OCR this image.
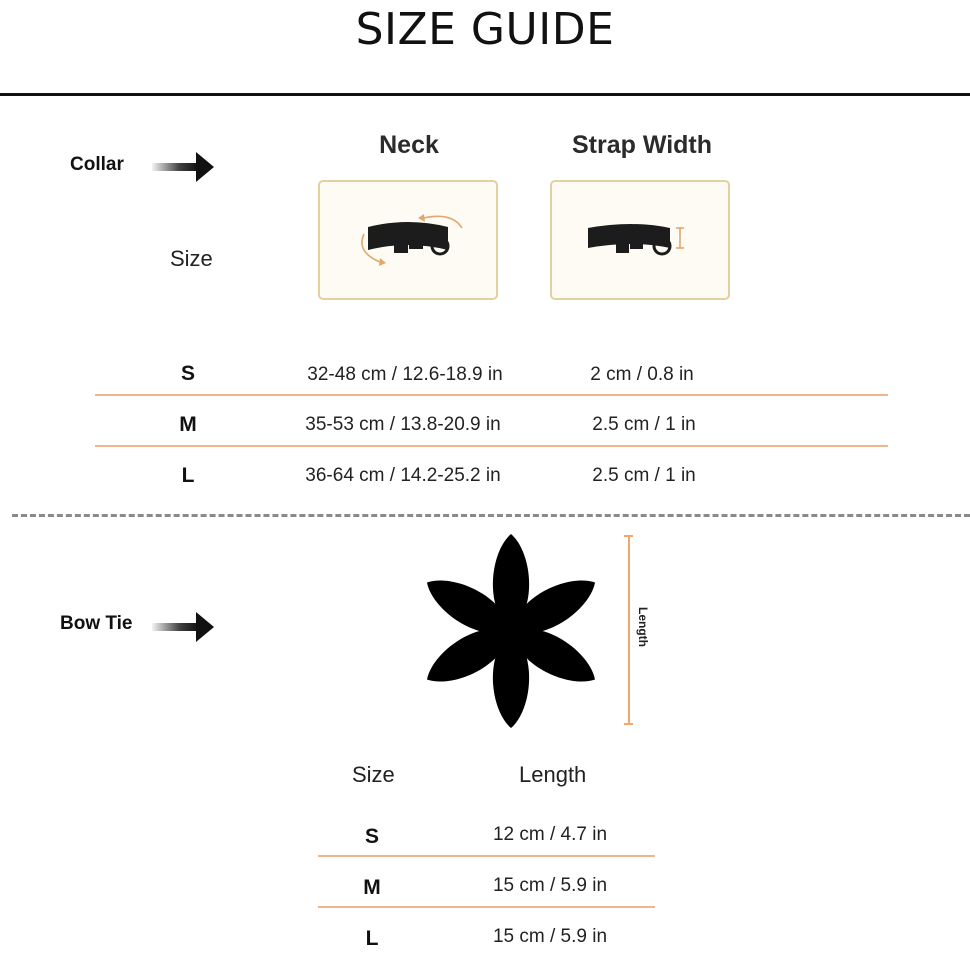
SIZE GUIDE
Collar
Neck	Strap Width
Size
S	32-48 cm / 12.6-18.9 in	2 cm / 0.8 in
M	35-53 cm / 13.8-20.9 in	2.5 cm / 1 in
L	36-64 cm / 14.2-25.2 in	2.5 cm / 1 in
Bow Tie	Length
Size	Length
S	12 cm / 4.7 in
M	15 cm / 5.9 in
L	15 cm / 5.9 in
